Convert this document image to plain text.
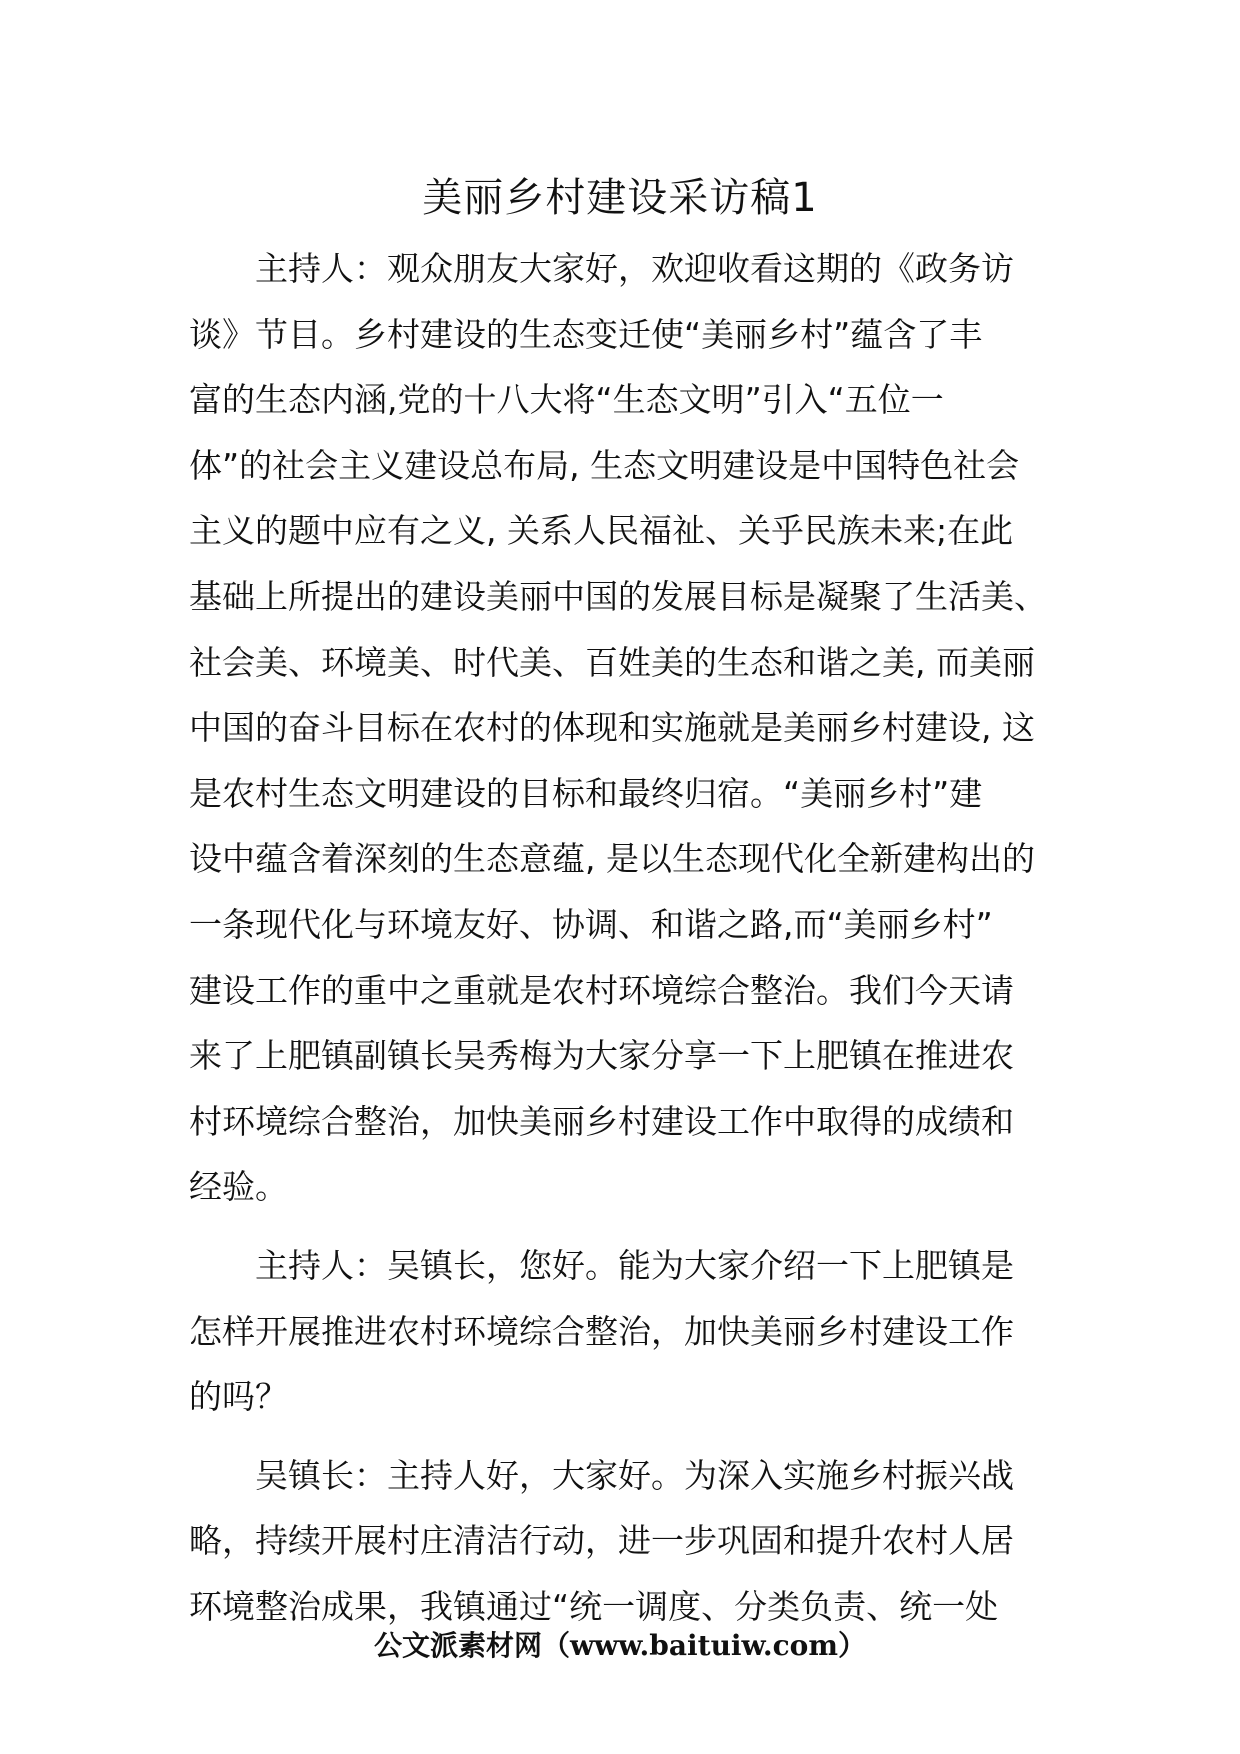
美丽乡村建设采访稿1

主持人：观众朋友大家好，欢迎收看这期的《政务访
谈》节目。乡村建设的生态变迁使“美丽乡村”蕴含了丰
富的生态内涵,党的十八大将“生态文明”引入“五位一
体”的社会主义建设总布局, 生态文明建设是中国特色社会
主义的题中应有之义, 关系人民福祉、关乎民族未来;在此
基础上所提出的建设美丽中国的发展目标是凝聚了生活美、
社会美、环境美、时代美、百姓美的生态和谐之美, 而美丽
中国的奋斗目标在农村的体现和实施就是美丽乡村建设, 这
是农村生态文明建设的目标和最终归宿。“美丽乡村”建
设中蕴含着深刻的生态意蕴, 是以生态现代化全新建构出的
一条现代化与环境友好、协调、和谐之路,而“美丽乡村”
建设工作的重中之重就是农村环境综合整治。我们今天请
来了上肥镇副镇长吴秀梅为大家分享一下上肥镇在推进农
村环境综合整治，加快美丽乡村建设工作中取得的成绩和
经验。

主持人：吴镇长，您好。能为大家介绍一下上肥镇是
怎样开展推进农村环境综合整治，加快美丽乡村建设工作
的吗？

吴镇长：主持人好，大家好。为深入实施乡村振兴战
略，持续开展村庄清洁行动，进一步巩固和提升农村人居
环境整治成果，我镇通过“统一调度、分类负责、统一处

公文派素材网（www.baituiw.com）
